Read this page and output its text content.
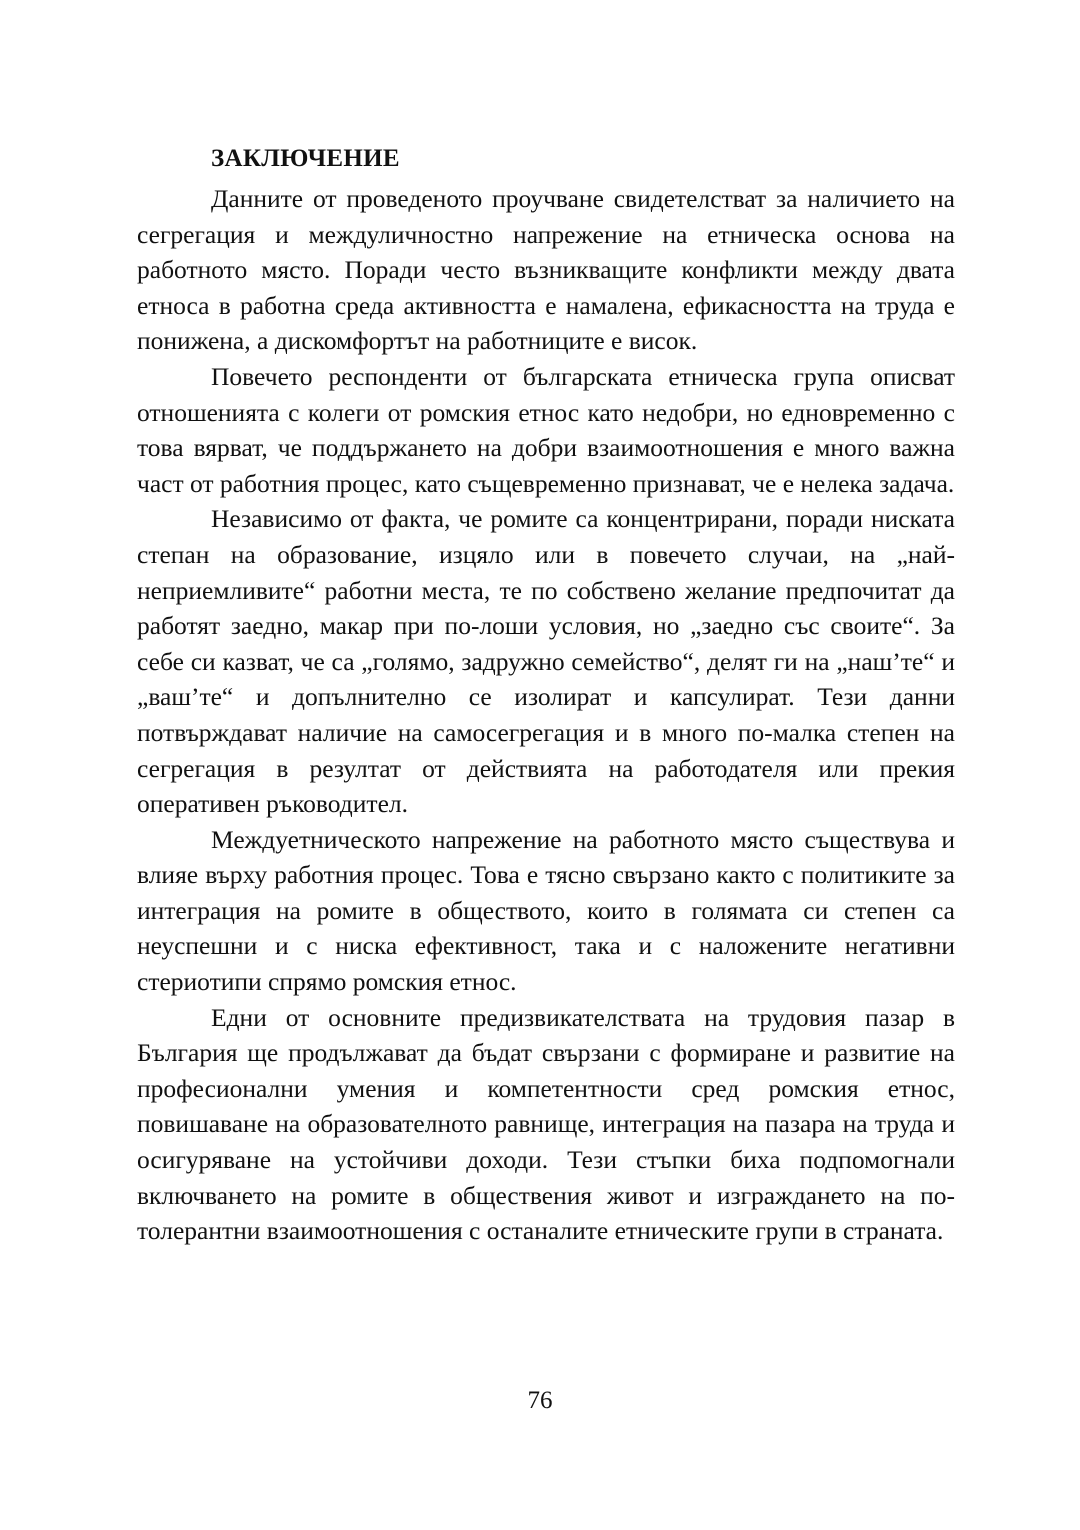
ЗАКЛЮЧЕНИЕ

Данните от проведеното проучване свидетелстват за наличието на сегрегация и междуличностно напрежение на етническа основа на работното място. Поради често възникващите конфликти между двата етноса в работна среда активността е намалена, ефикасността на труда е понижена, а дискомфортът на работниците е висок.

Повечето респонденти от българската етническа група описват отношенията с колеги от ромския етнос като недобри, но едновременно с това вярват, че поддържането на добри взаимоотношения е много важна част от работния процес, като същевременно признават, че е нелека задача.

Независимо от факта, че ромите са концентрирани, поради ниската степан на образование, изцяло или в повечето случаи, на „най-неприемливите“ работни места, те по собствено желание предпочитат да работят заедно, макар при по-лоши условия, но „заедно със своите“. За себе си казват, че са „голямо, задружно семейство“, делят ги на „наш’те“ и „ваш’те“ и допълнително се изолират и капсулират. Тези данни потвърждават наличие на самосегрегация и в много по-малка степен на сегрегация в резултат от действията на работодателя или прекия оперативен ръководител.

Междуетническото напрежение на работното място съществува и влияе върху работния процес. Това е тясно свързано както с политиките за интеграция на ромите в обществото, които в голямата си степен са неуспешни и с ниска ефективност, така и с наложените негативни стериотипи спрямо ромския етнос.

Едни от основните предизвикателствата на трудовия пазар в България ще продължават да бъдат свързани с формиране и развитие на професионални умения и компетентности сред ромския етнос, повишаване на образователното равнище, интеграция на пазара на труда и осигуряване на устойчиви доходи. Тези стъпки биха подпомогнали включването на ромите в обществения живот и изграждането на по-толерантни взаимоотношения с останалите етническите групи в страната.

76
